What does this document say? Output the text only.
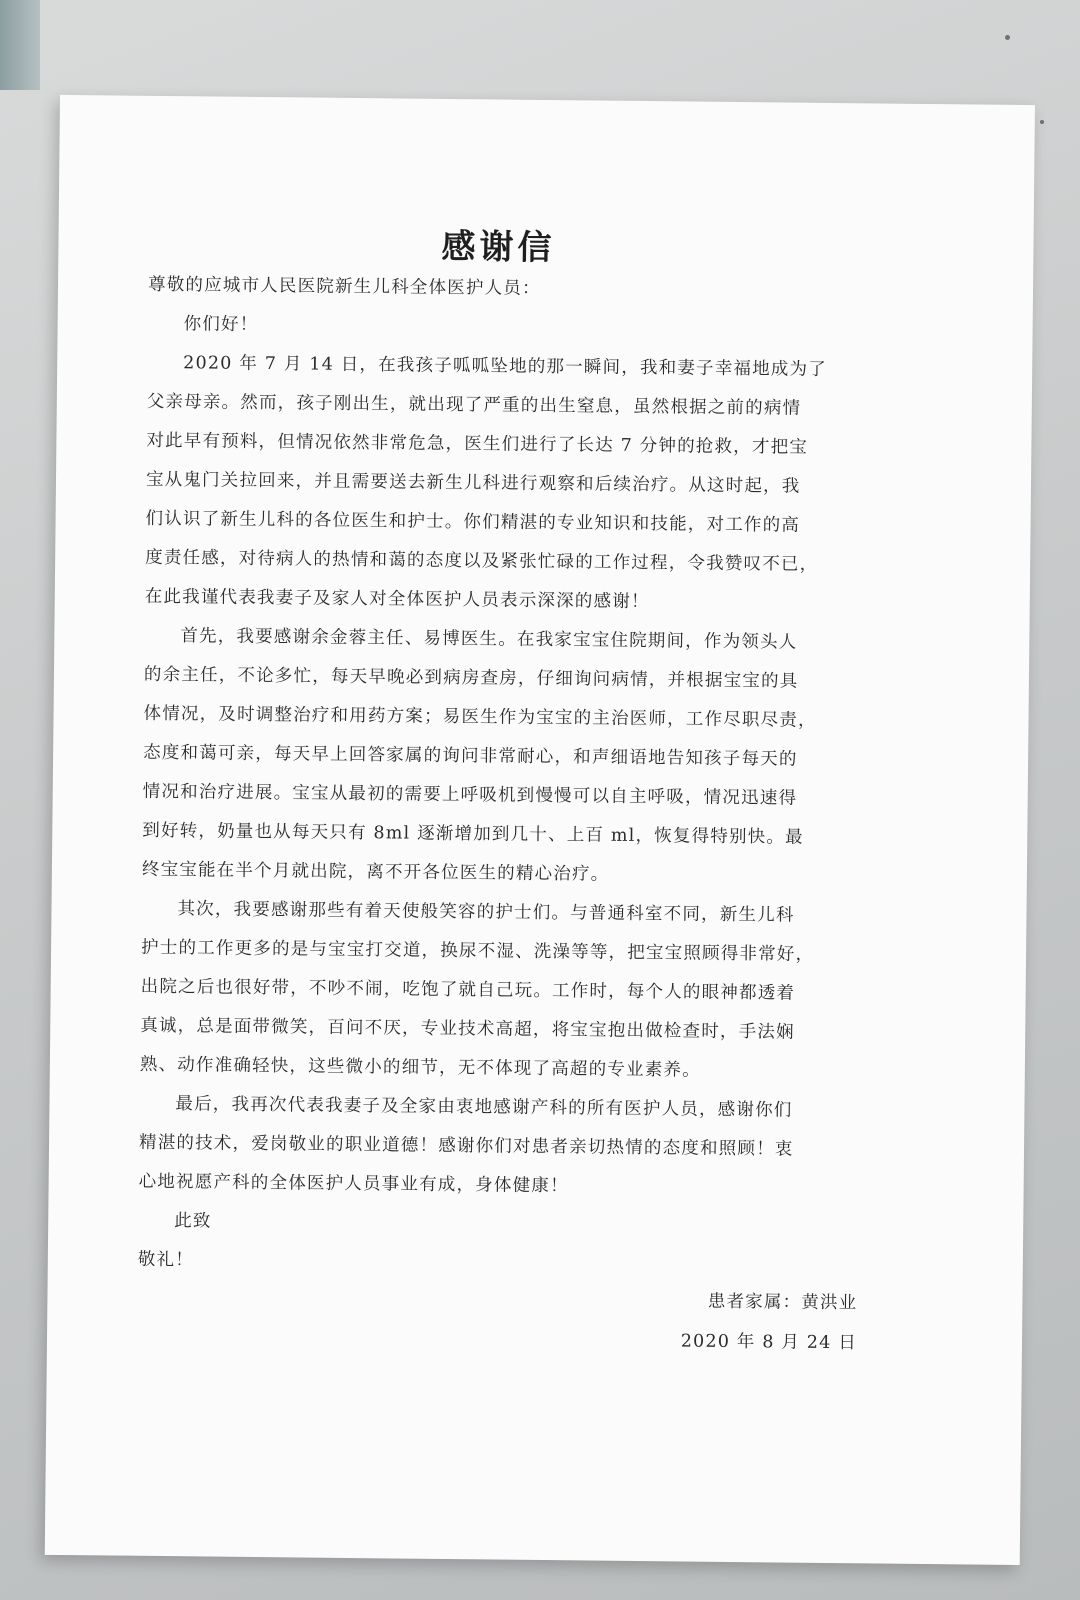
感谢信
尊敬的应城市人民医院新生儿科全体医护人员：
你们好！
2020 年 7 月 14 日，在我孩子呱呱坠地的那一瞬间，我和妻子幸福地成为了
父亲母亲。然而，孩子刚出生，就出现了严重的出生窒息，虽然根据之前的病情
对此早有预料，但情况依然非常危急，医生们进行了长达 7 分钟的抢救，才把宝
宝从鬼门关拉回来，并且需要送去新生儿科进行观察和后续治疗。从这时起，我
们认识了新生儿科的各位医生和护士。你们精湛的专业知识和技能，对工作的高
度责任感，对待病人的热情和蔼的态度以及紧张忙碌的工作过程，令我赞叹不已，
在此我谨代表我妻子及家人对全体医护人员表示深深的感谢！
首先，我要感谢余金蓉主任、易博医生。在我家宝宝住院期间，作为领头人
的余主任，不论多忙，每天早晚必到病房查房，仔细询问病情，并根据宝宝的具
体情况，及时调整治疗和用药方案；易医生作为宝宝的主治医师，工作尽职尽责，
态度和蔼可亲，每天早上回答家属的询问非常耐心，和声细语地告知孩子每天的
情况和治疗进展。宝宝从最初的需要上呼吸机到慢慢可以自主呼吸，情况迅速得
到好转，奶量也从每天只有 8ml 逐渐增加到几十、上百 ml，恢复得特别快。最
终宝宝能在半个月就出院，离不开各位医生的精心治疗。
其次，我要感谢那些有着天使般笑容的护士们。与普通科室不同，新生儿科
护士的工作更多的是与宝宝打交道，换尿不湿、洗澡等等，把宝宝照顾得非常好，
出院之后也很好带，不吵不闹，吃饱了就自己玩。工作时，每个人的眼神都透着
真诚，总是面带微笑，百问不厌，专业技术高超，将宝宝抱出做检查时，手法娴
熟、动作准确轻快，这些微小的细节，无不体现了高超的专业素养。
最后，我再次代表我妻子及全家由衷地感谢产科的所有医护人员，感谢你们
精湛的技术，爱岗敬业的职业道德！感谢你们对患者亲切热情的态度和照顾！衷
心地祝愿产科的全体医护人员事业有成，身体健康！
此致
敬礼！
患者家属：黄洪业
2020 年 8 月 24 日
